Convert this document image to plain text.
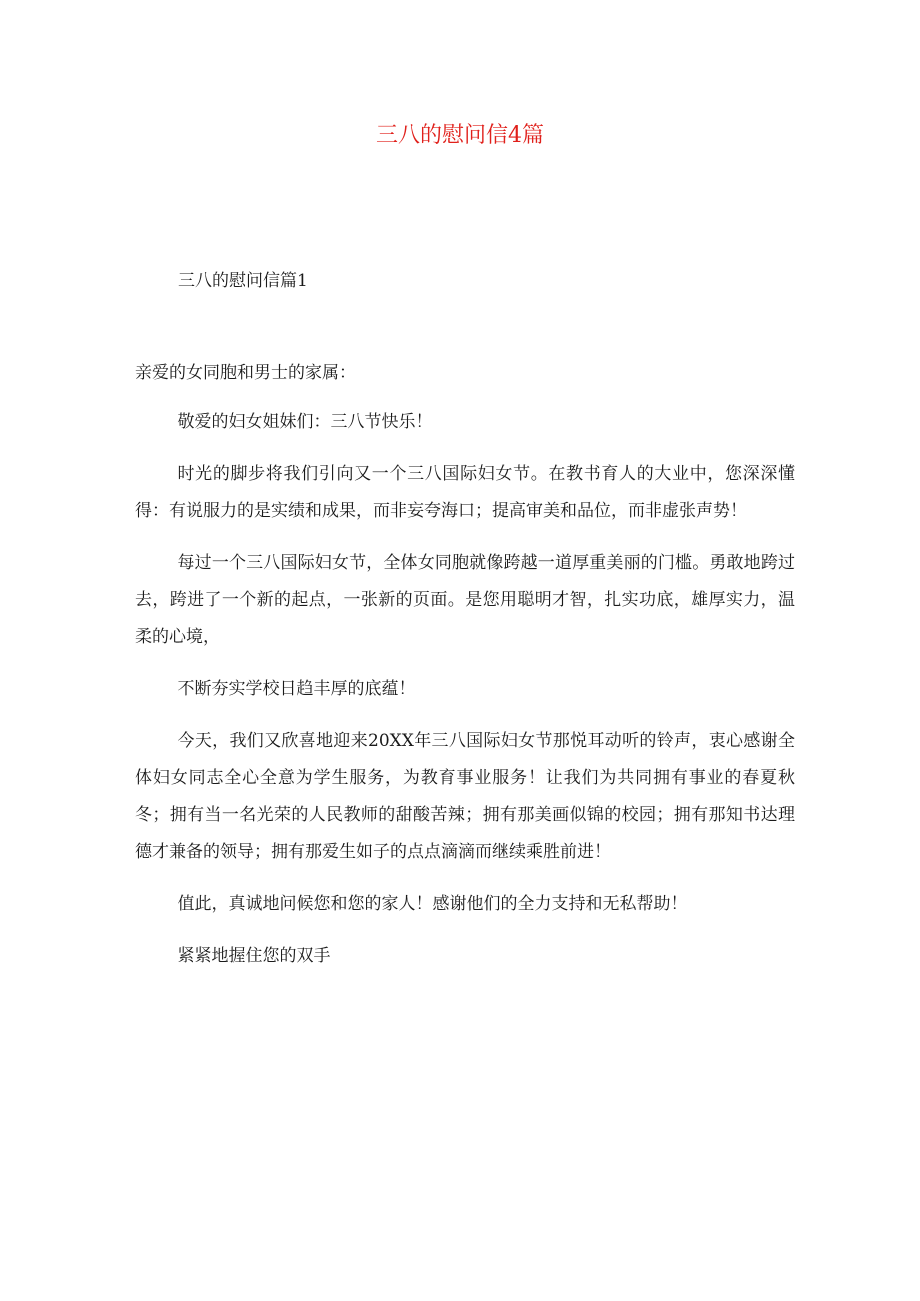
三八的慰问信4篇
三八的慰问信篇1

亲爱的女同胞和男士的家属：

敬爱的妇女姐妹们：三八节快乐！

时光的脚步将我们引向又一个三八国际妇女节。在教书育人的大业中，您深深懂得：有说服力的是实绩和成果，而非妄夸海口；提高审美和品位，而非虚张声势！

每过一个三八国际妇女节，全体女同胞就像跨越一道厚重美丽的门槛。勇敢地跨过去，跨进了一个新的起点，一张新的页面。是您用聪明才智，扎实功底，雄厚实力，温柔的心境，

不断夯实学校日趋丰厚的底蕴！

今天，我们又欣喜地迎来20XX年三八国际妇女节那悦耳动听的铃声，衷心感谢全体妇女同志全心全意为学生服务，为教育事业服务！让我们为共同拥有事业的春夏秋冬；拥有当一名光荣的人民教师的甜酸苦辣；拥有那美画似锦的校园；拥有那知书达理德才兼备的领导；拥有那爱生如子的点点滴滴而继续乘胜前进！

值此，真诚地问候您和您的家人！感谢他们的全力支持和无私帮助！

紧紧地握住您的双手
